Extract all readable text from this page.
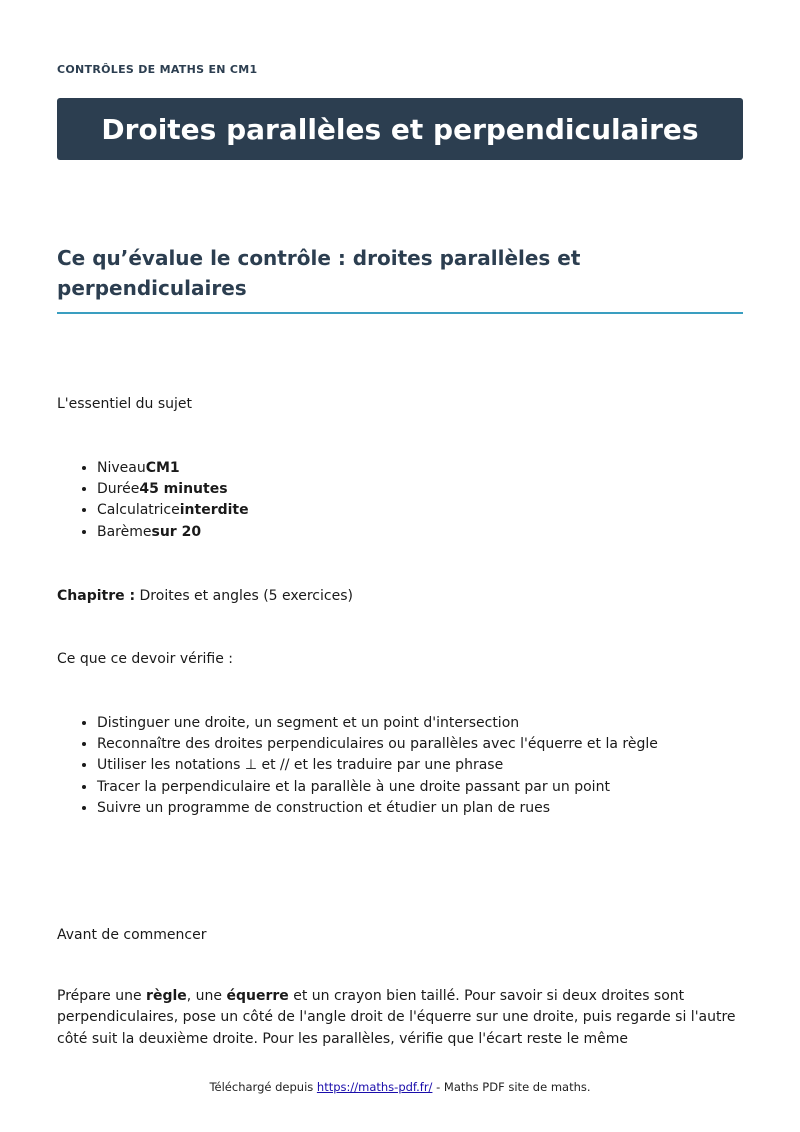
CONTRÔLES DE MATHS EN CM1
Droites parallèles et perpendiculaires
Ce qu’évalue le contrôle : droites parallèles et perpendiculaires
L'essentiel du sujet
• NiveauCM1
• Durée45 minutes
• Calculatriceinterdite
• Barèmesur 20
Chapitre : Droites et angles (5 exercices)
Ce que ce devoir vérifie :
• Distinguer une droite, un segment et un point d'intersection
• Reconnaître des droites perpendiculaires ou parallèles avec l'équerre et la règle
• Utiliser les notations ⊥ et // et les traduire par une phrase
• Tracer la perpendiculaire et la parallèle à une droite passant par un point
• Suivre un programme de construction et étudier un plan de rues
Avant de commencer
Prépare une règle, une équerre et un crayon bien taillé. Pour savoir si deux droites sont perpendiculaires, pose un côté de l'angle droit de l'équerre sur une droite, puis regarde si l'autre côté suit la deuxième droite. Pour les parallèles, vérifie que l'écart reste le même
Téléchargé depuis https://maths-pdf.fr/ - Maths PDF site de maths.
